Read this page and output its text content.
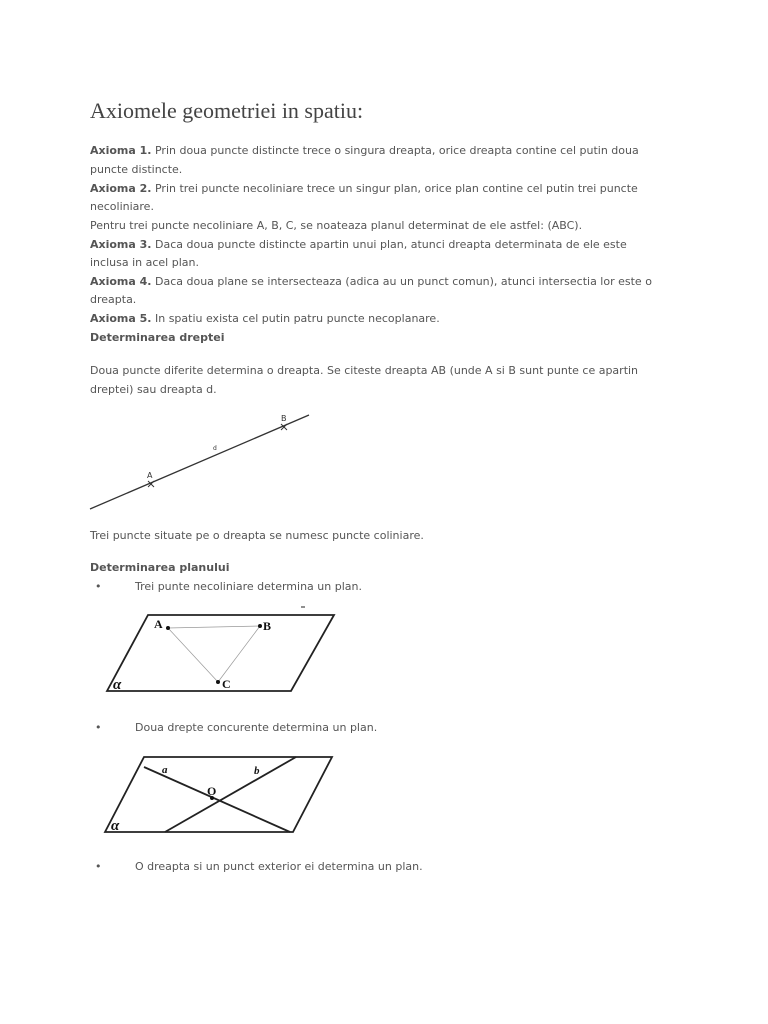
Axiomele geometriei in spatiu:
Axioma 1. Prin doua puncte distincte trece o singura dreapta, orice dreapta contine cel putin doua
puncte distincte.
Axioma 2. Prin trei puncte necoliniare trece un singur plan, orice plan contine cel putin trei puncte
necoliniare.
Pentru trei puncte necoliniare A, B, C, se noateaza planul determinat de ele astfel: (ABC).
Axioma 3. Daca doua puncte distincte apartin unui plan, atunci dreapta determinata de ele este
inclusa in acel plan.
Axioma 4. Daca doua plane se intersecteaza (adica au un punct comun), atunci intersectia lor este o
dreapta.
Axioma 5. In spatiu exista cel putin patru puncte necoplanare.
Determinarea dreptei
Doua puncte diferite determina o dreapta. Se citeste dreapta AB (unde A si B sunt punte ce apartin
dreptei) sau dreapta d.
Trei puncte situate pe o dreapta se numesc puncte coliniare.
Determinarea planului
•	Trei punte necoliniare determina un plan.
•	Doua drepte concurente determina un plan.
•	O dreapta si un punct exterior ei determina un plan.
A
B
d
A	B
C
α
a	b
O
α
